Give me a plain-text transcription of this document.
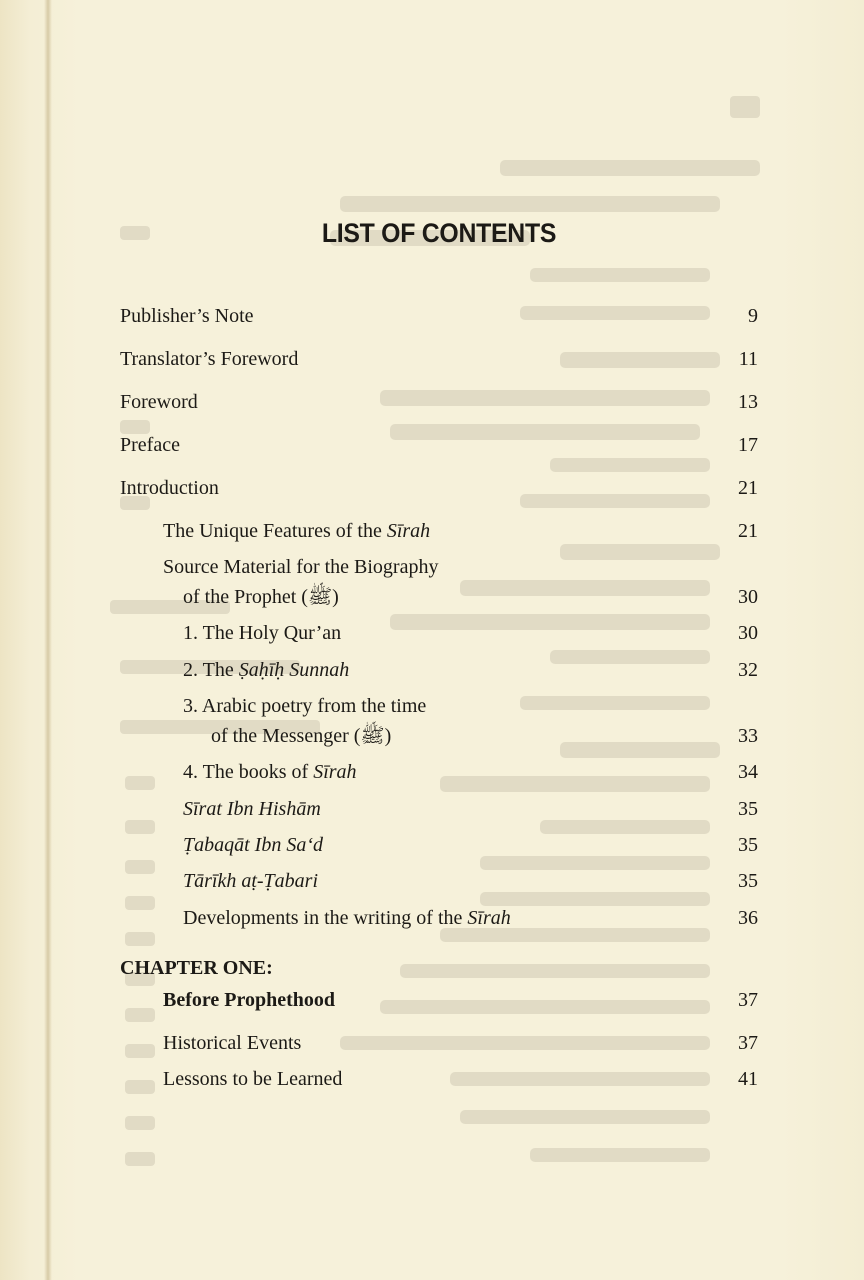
LIST OF CONTENTS
Publisher’s Note	9
Translator’s Foreword	11
Foreword	13
Preface	17
Introduction	21
The Unique Features of the Sīrah	21
Source Material for the Biography
of the Prophet (ﷺ)	30
1. The Holy Qur’an	30
2. The Ṣaḥīḥ Sunnah	32
3. Arabic poetry from the time
of the Messenger (ﷺ)	33
4. The books of Sīrah	34
Sīrat Ibn Hishām	35
Ṭabaqāt Ibn Sa‘d	35
Tārīkh aṭ-Ṭabari	35
Developments in the writing of the Sīrah	36
CHAPTER ONE:
Before Prophethood	37
Historical Events	37
Lessons to be Learned	41
